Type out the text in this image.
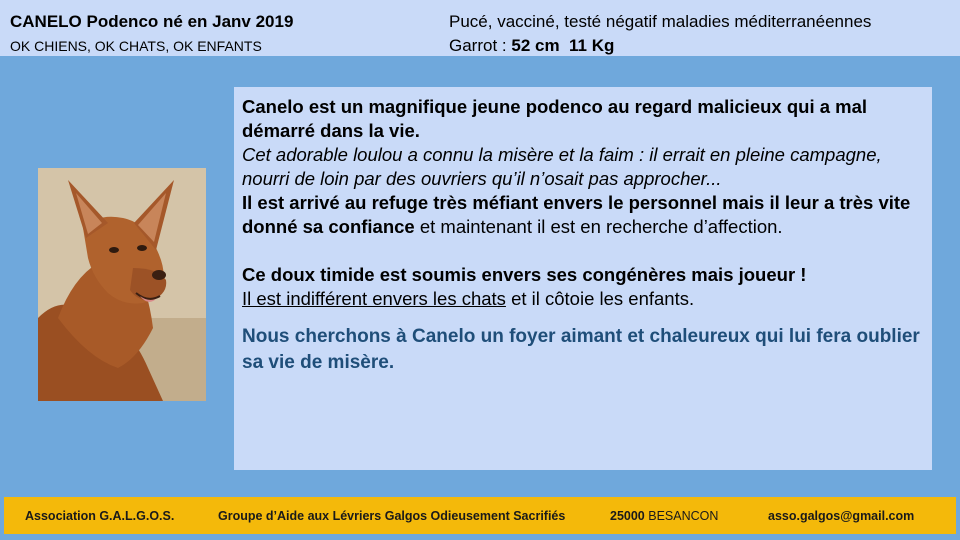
CANELO Podenco né en Janv 2019
OK CHIENS, OK CHATS, OK ENFANTS
Pucé, vacciné, testé négatif maladies méditerranéennes
Garrot : 52 cm 11 Kg

Canelo est un magnifique jeune podenco au regard malicieux qui a mal démarré dans la vie.

Cet adorable loulou a connu la misère et la faim : il errait en pleine campagne, nourri de loin par des ouvriers qu’il n’osait pas approcher...

Il est arrivé au refuge très méfiant envers le personnel mais il leur a très vite donné sa confiance et maintenant il est en recherche d’affection.

Ce doux timide est soumis envers ses congénères mais joueur !

Il est indifférent envers les chats et il côtoie les enfants.

Nous cherchons à Canelo un foyer aimant et chaleureux qui lui fera oublier sa vie de misère.

Association G.A.L.G.O.S.	Groupe d’Aide aux Lévriers Galgos Odieusement Sacrifiés	25000 BESANCON	asso.galgos@gmail.com
